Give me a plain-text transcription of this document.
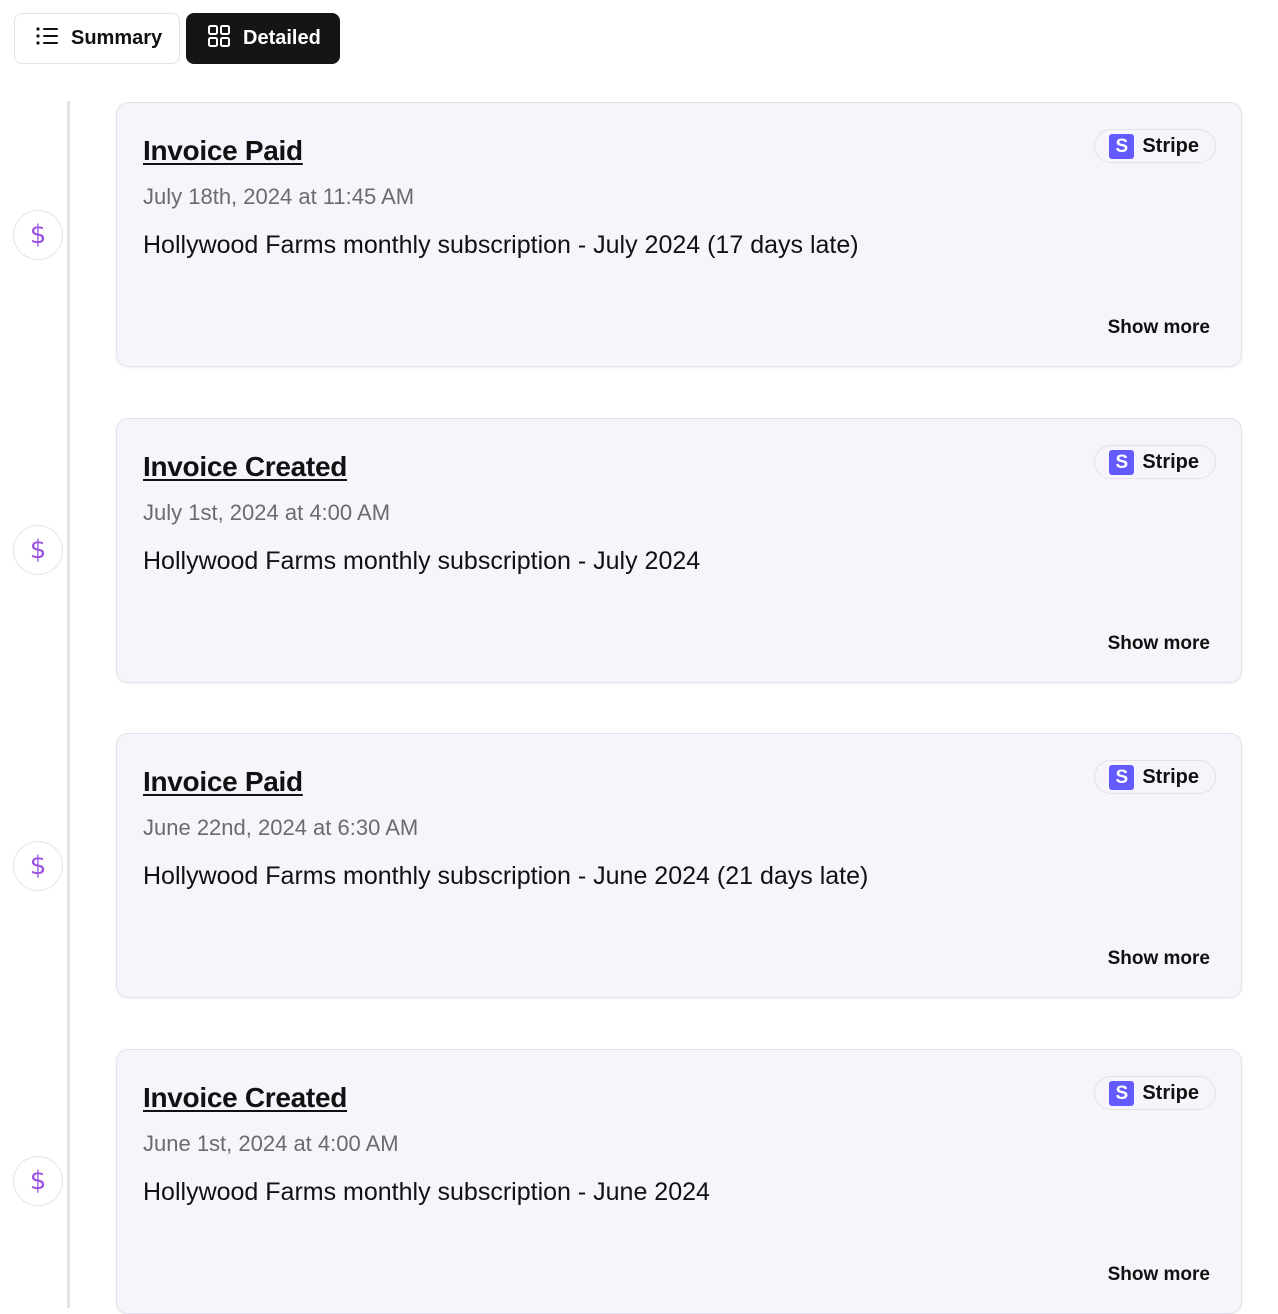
Summary	Detailed
$
Invoice Paid
July 18th, 2024 at 11:45 AM
Hollywood Farms monthly subscription - July 2024 (17 days late)
S Stripe
Show more
$
Invoice Created
July 1st, 2024 at 4:00 AM
Hollywood Farms monthly subscription - July 2024
S Stripe
Show more
$
Invoice Paid
June 22nd, 2024 at 6:30 AM
Hollywood Farms monthly subscription - June 2024 (21 days late)
S Stripe
Show more
$
Invoice Created
June 1st, 2024 at 4:00 AM
Hollywood Farms monthly subscription - June 2024
S Stripe
Show more
